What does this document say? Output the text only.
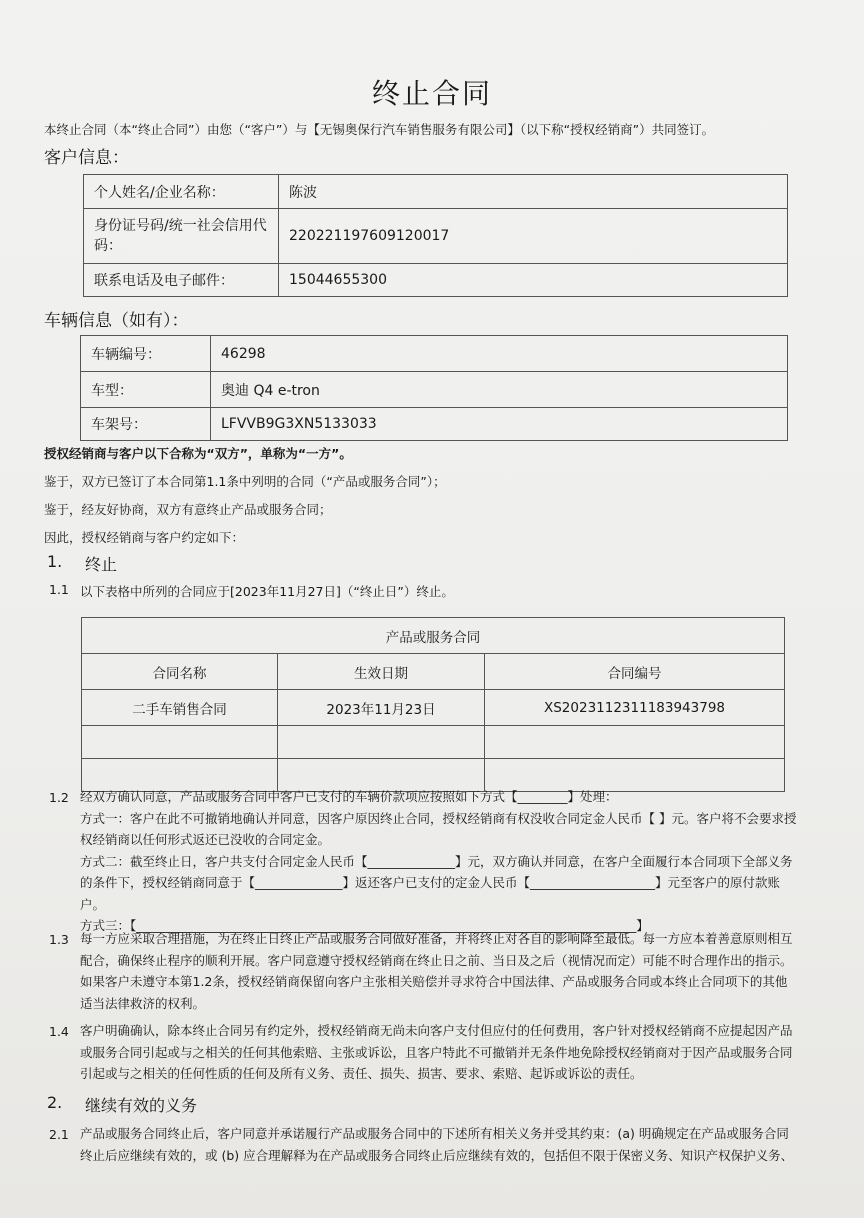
终止合同
本终止合同（本“终止合同”）由您（“客户”）与【无锡奥保行汽车销售服务有限公司】（以下称“授权经销商”）共同签订。
客户信息：
个人姓名/企业名称：	陈波
身份证号码/统一社会信用代码：	220221197609120017
联系电话及电子邮件：	15044655300
车辆信息（如有）：
车辆编号：	46298
车型：	奥迪 Q4 e-tron
车架号：	LFVVB9G3XN5133033
授权经销商与客户以下合称为“双方”，单称为“一方”。
鉴于，双方已签订了本合同第1.1条中列明的合同（“产品或服务合同”）；
鉴于，经友好协商，双方有意终止产品或服务合同；
因此，授权经销商与客户约定如下：
1. 终止
1.1 以下表格中所列的合同应于[2023年11月27日]（“终止日”）终止。
产品或服务合同		
合同名称	生效日期	合同编号
二手车销售合同	2023年11月23日	XS2023112311183943798

1.2 经双方确认同意，产品或服务合同中客户已支付的车辆价款项应按照如下方式【________】处理：
方式一：客户在此不可撤销地确认并同意，因客户原因终止合同，授权经销商有权没收合同定金人民币【 】元。客户将不会要求授
权经销商以任何形式返还已没收的合同定金。
方式二：截至终止日，客户共支付合同定金人民币【______________】元，双方确认并同意，在客户全面履行本合同项下全部义务
的条件下，授权经销商同意于【______________】返还客户已支付的定金人民币【____________________】元至客户的原付款账
户。
方式三：【________________________________________________________________________________】
1.3 每一方应采取合理措施，为在终止日终止产品或服务合同做好准备，并将终止对各自的影响降至最低。每一方应本着善意原则相互
配合，确保终止程序的顺利开展。客户同意遵守授权经销商在终止日之前、当日及之后（视情况而定）可能不时合理作出的指示。
如果客户未遵守本第1.2条，授权经销商保留向客户主张相关赔偿并寻求符合中国法律、产品或服务合同或本终止合同项下的其他
适当法律救济的权利。
1.4 客户明确确认，除本终止合同另有约定外，授权经销商无尚未向客户支付但应付的任何费用，客户针对授权经销商不应提起因产品
或服务合同引起或与之相关的任何其他索赔、主张或诉讼，且客户特此不可撤销并无条件地免除授权经销商对于因产品或服务合同
引起或与之相关的任何性质的任何及所有义务、责任、损失、损害、要求、索赔、起诉或诉讼的责任。
2. 继续有效的义务
2.1 产品或服务合同终止后，客户同意并承诺履行产品或服务合同中的下述所有相关义务并受其约束：(a) 明确规定在产品或服务合同
终止后应继续有效的，或 (b) 应合理解释为在产品或服务合同终止后应继续有效的，包括但不限于保密义务、知识产权保护义务、
